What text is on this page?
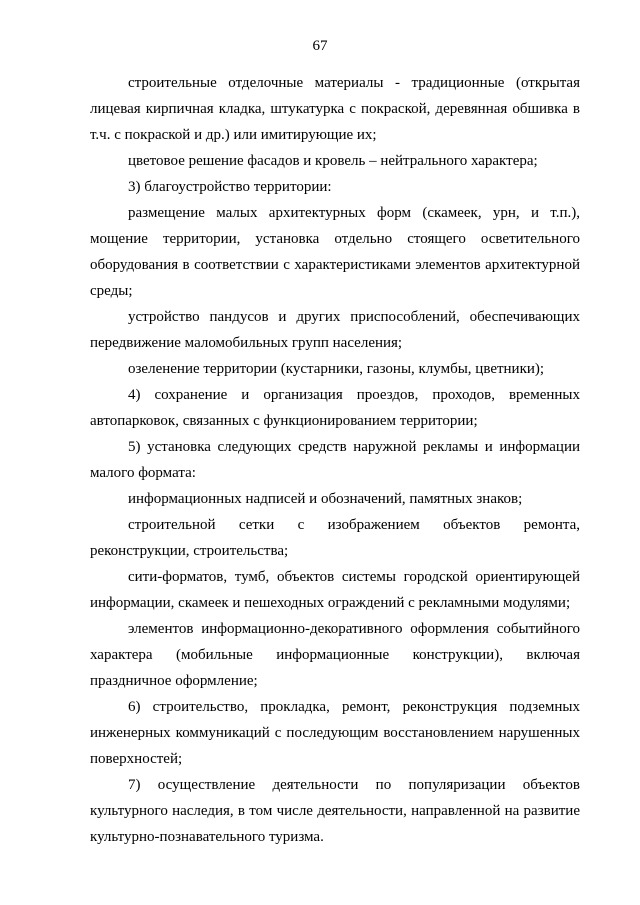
67

строительные отделочные материалы - традиционные (открытая лицевая кирпичная кладка, штукатурка с покраской, деревянная обшивка в т.ч. с покраской и др.) или имитирующие их;

цветовое решение фасадов и кровель – нейтрального характера;

3) благоустройство территории:

размещение малых архитектурных форм (скамеек, урн, и т.п.), мощение территории, установка отдельно стоящего осветительного оборудования в соответствии с характеристиками элементов архитектурной среды;

устройство пандусов и других приспособлений, обеспечивающих передвижение маломобильных групп населения;

озеленение территории (кустарники, газоны, клумбы, цветники);

4) сохранение и организация проездов, проходов, временных автопарковок, связанных с функционированием территории;

5) установка следующих средств наружной рекламы и информации малого формата:

информационных надписей и обозначений, памятных знаков;

строительной сетки с изображением объектов ремонта, реконструкции, строительства;

сити-форматов, тумб, объектов системы городской ориентирующей информации, скамеек и пешеходных ограждений с рекламными модулями;

элементов информационно-декоративного оформления событийного характера (мобильные информационные конструкции), включая праздничное оформление;

6) строительство, прокладка, ремонт, реконструкция подземных инженерных коммуникаций с последующим восстановлением нарушенных поверхностей;

7) осуществление деятельности по популяризации объектов культурного наследия, в том числе деятельности, направленной на развитие культурно-познавательного туризма.
